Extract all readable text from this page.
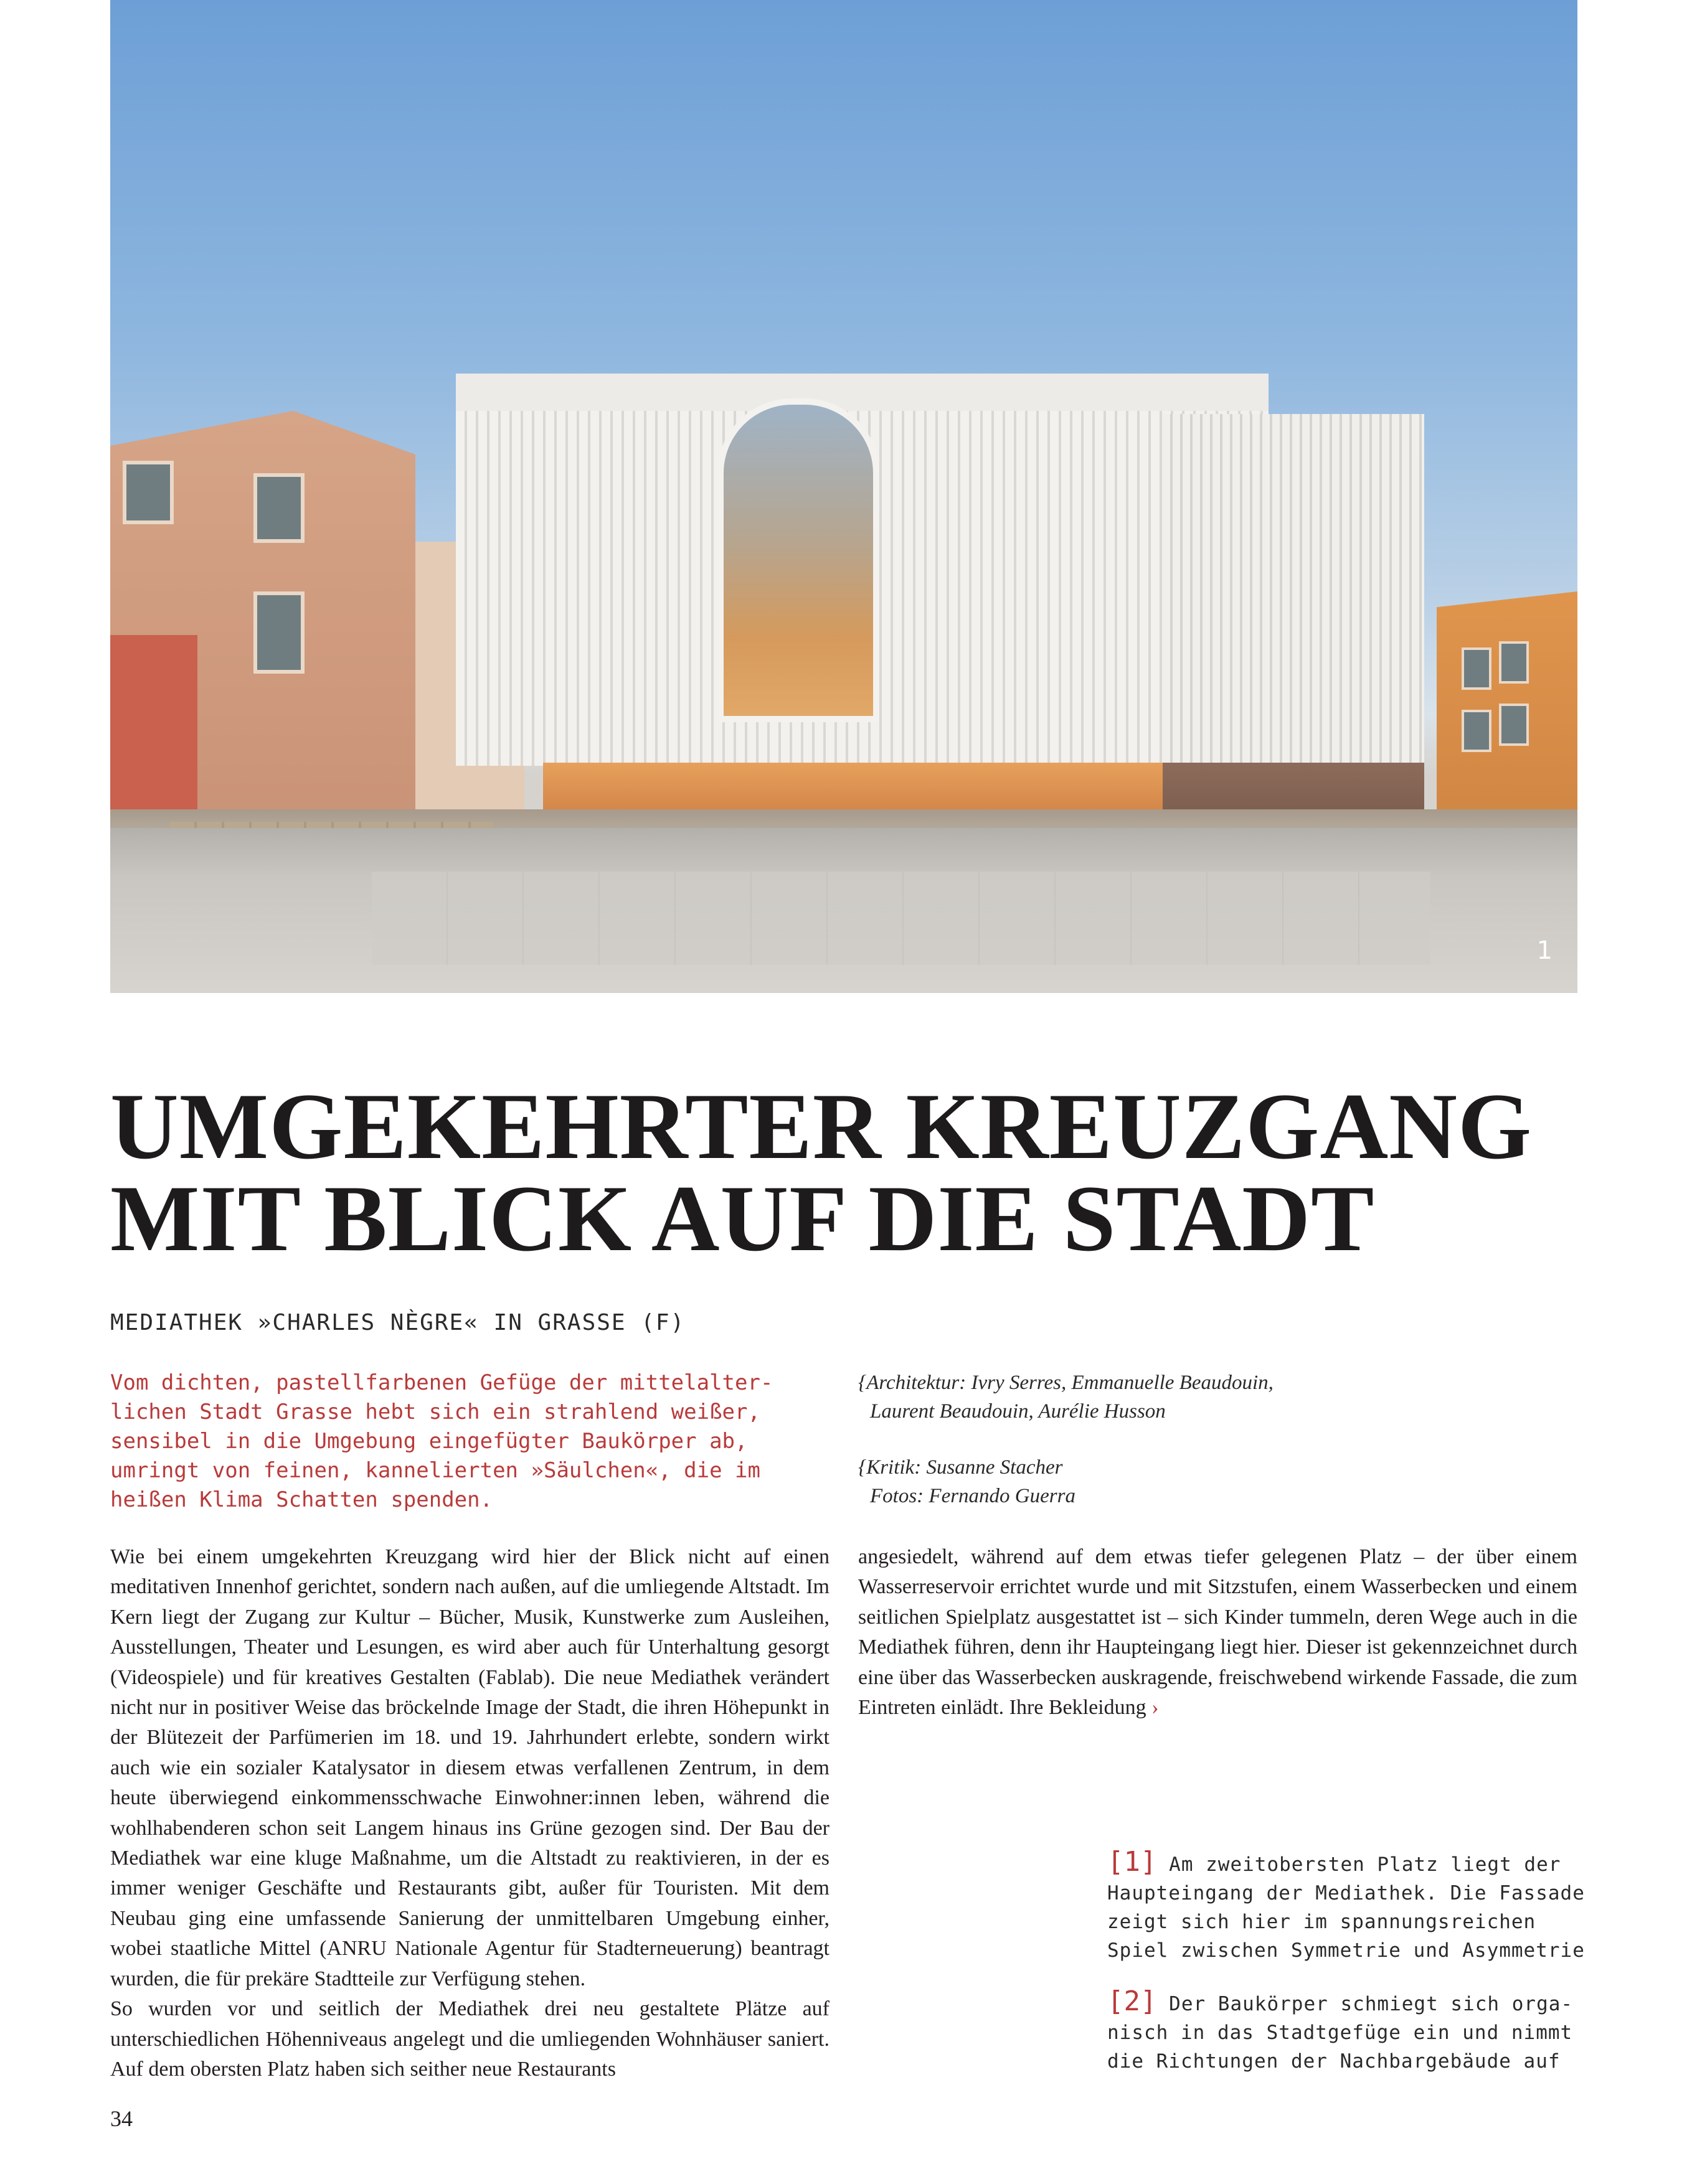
1
UMGEKEHRTER KREUZGANG
MIT BLICK AUF DIE STADT
MEDIATHEK »CHARLES NÈGRE« IN GRASSE (F)
Vom dichten, pastellfarbenen Gefüge der mittelalter-
lichen Stadt Grasse hebt sich ein strahlend weißer,
sensibel in die Umgebung eingefügter Baukörper ab,
umringt von feinen, kannelierten »Säulchen«, die im
heißen Klima Schatten spenden.
{Architektur: Ivry Serres, Emmanuelle Beaudouin,
Laurent Beaudouin, Aurélie Husson
{Kritik: Susanne Stacher
Fotos: Fernando Guerra

Wie bei einem umgekehrten Kreuzgang wird hier der Blick nicht auf einen meditativen Innenhof gerichtet, sondern nach außen, auf die umliegende Altstadt. Im Kern liegt der Zugang zur Kultur – Bücher, Musik, Kunstwerke zum Ausleihen, Ausstellungen, Theater und Lesungen, es wird aber auch für Unterhaltung gesorgt (Videospiele) und für kreatives Gestalten (Fablab). Die neue Mediathek verändert nicht nur in positiver Weise das bröckelnde Image der Stadt, die ihren Höhepunkt in der Blütezeit der Parfümerien im 18. und 19. Jahrhundert erlebte, sondern wirkt auch wie ein sozialer Katalysator in diesem etwas verfallenen Zentrum, in dem heute überwiegend einkommensschwache Einwohner:innen leben, während die wohlhabenderen schon seit Langem hinaus ins Grüne gezogen sind. Der Bau der Mediathek war eine kluge Maßnahme, um die Altstadt zu reaktivieren, in der es immer weniger Geschäfte und Restaurants gibt, außer für Touristen. Mit dem Neubau ging eine umfassende Sanierung der unmittelbaren Umgebung einher, wobei staatliche Mittel (ANRU Nationale Agentur für Stadterneuerung) beantragt wurden, die für prekäre Stadtteile zur Verfügung stehen.

So wurden vor und seitlich der Mediathek drei neu gestaltete Plätze auf unterschiedlichen Höhenniveaus angelegt und die umliegenden Wohnhäuser saniert. Auf dem obersten Platz haben sich seither neue Restaurants

angesiedelt, während auf dem etwas tiefer gelegenen Platz – der über einem Wasserreservoir errichtet wurde und mit Sitzstufen, einem Wasserbecken und einem seitlichen Spielplatz ausgestattet ist – sich Kinder tummeln, deren Wege auch in die Mediathek führen, denn ihr Haupteingang liegt hier. Dieser ist gekennzeichnet durch eine über das Wasserbecken auskragende, freischwebend wirkende Fassade, die zum Eintreten einlädt. Ihre Bekleidung ›

[1] Am zweitobersten Platz liegt der
Haupteingang der Mediathek. Die Fassade
zeigt sich hier im spannungsreichen
Spiel zwischen Symmetrie und Asymmetrie
[2] Der Baukörper schmiegt sich orga-
nisch in das Stadtgefüge ein und nimmt
die Richtungen der Nachbargebäude auf
34
